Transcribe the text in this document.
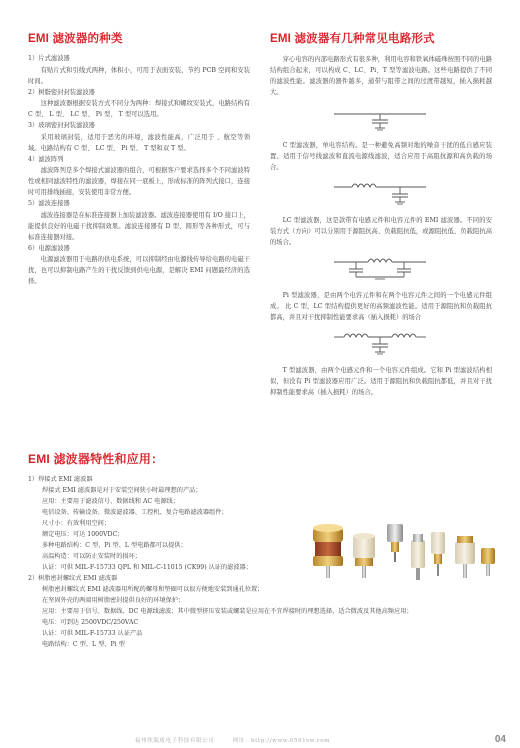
EMI 滤波器的种类
1）片式滤波器
有贴片式和引线式两种，体积小，可用于表面安装，节约 PCB 空间和安装时间。
2）树脂密封封装滤波器
这种滤波器根据安装方式不同分为两种：焊接式和螺纹安装式，电路结构有 C 型、 L 型、 LC 型、 Pi 型、 T 型可以选用。
3）玻璃密封封装滤波器
采用玻璃封装，适用于恶劣的环境，滤波性能高，广泛用于 、航空等领域。电路结构有 C 型、 LC 型、 Pi 型、 T 型和双 T 型。
4）滤波阵列
滤波阵列是多个焊接式滤波器的组合，可根据客户要求选择多个不同滤波特性或相同滤波特性的滤波器，焊接在同一底板上，形成标准的阵列式接口，连接时可用排线插接，安装使用非常方便。
5）滤波连接器
滤波连接器是在标准连接器上加装滤波器。滤波连接器使用有 I/O 接口上，能提供良好的电磁干扰抑制效果。滤波连接器有 D 型、圆形等各种形式，可与标准连接器对接。
6）电源滤波器
电源滤波器用于电路的供电系统，可以抑制经由电源线传导给电路的电磁干扰，也可以抑制电路产生的干扰反馈到供电电源，是解决 EMI 问题最经济的选择。
EMI 滤波器有几种常见电路形式
穿心电容的内部电路形式有很多种，利用电容和铁氧体磁珠按照不同的电路结构组合起来，可以构成 C、LC、Pi、T 型等滤波电路。这些电路提供了不同的滤波性能。滤波器的器件越多，通带与阻带之间的过渡带越短，插入损耗越大。
C 型滤波器，单电容结构。是一种避免高频对地的噪音干扰的低自感应装置。适用于信号线滤波和直流电源线滤波，适合应用于高阻抗源和高负载的场合。
LC 型滤波器，这是款带有电感元件和电容元件的 EMI 滤波器。不同的安装方式（方向）可以分别用于源阻抗高、负载阻抗低，或源阻抗低、负载阻抗高的场合。
Pi 型滤波器，是由两个电容元件和在两个电容元件之间的一个电感元件组成。 比 C 型，LC 型结构提供更好的高频滤波性能。适用于源阻抗和负载阻抗都高，并且对干扰抑制性能要求高（插入损耗）的场合
T 型滤波器，由两个电感元件和一个电容元件组成。它和 Pi 型滤波结构相似，但没有 Pi 型滤波器应用广泛。适用于源阻抗和负载阻抗都低，并且对干扰抑制性能要求高（插入损耗）的场合。
EMI 滤波器特性和应用：
1）焊接式 EMI 滤波器
焊接式 EMI 滤波器是对于安装空间狭小时最理想的产品；
应用：主要用于滤波信号、数据线和 AC 电源线；
电信设备、传输设备、微波滤波器、工控机、复合电路滤波器组件；
尺寸小：有效利用空间；
额定电压：可达 1000VDC；
多种电路结构：C 型、Pi 型、L 型电路都可以提供；
高温构造：可以防止安装时的损坏；
认证：可供 MIL-F-15733 QPL 和 MIL-C-11015 (CK99) 认证的滤波器；
2）树脂密封螺纹式 EMI 滤波器
树脂密封螺纹式 EMI 滤波器用所配的螺母和垫圈可以很方便地安装到通孔位置；
在坚固外壳的两端用树脂密封提供良好的环境保护；
应用：主要用于信号、数据线、DC 电源线滤波；其中微型挤压安装或螺装是应用在不宜焊接时的理想选择，适合微波及其他高频应用；
电压：可到达 2500VDC/250VAC
认证：可供 MIL-F-15733 认证产品
电路结构：C 型、L 型、Pi 型
福州欣瑞威电子科技有限公司   	网址：http://www.0591sw.com	04
